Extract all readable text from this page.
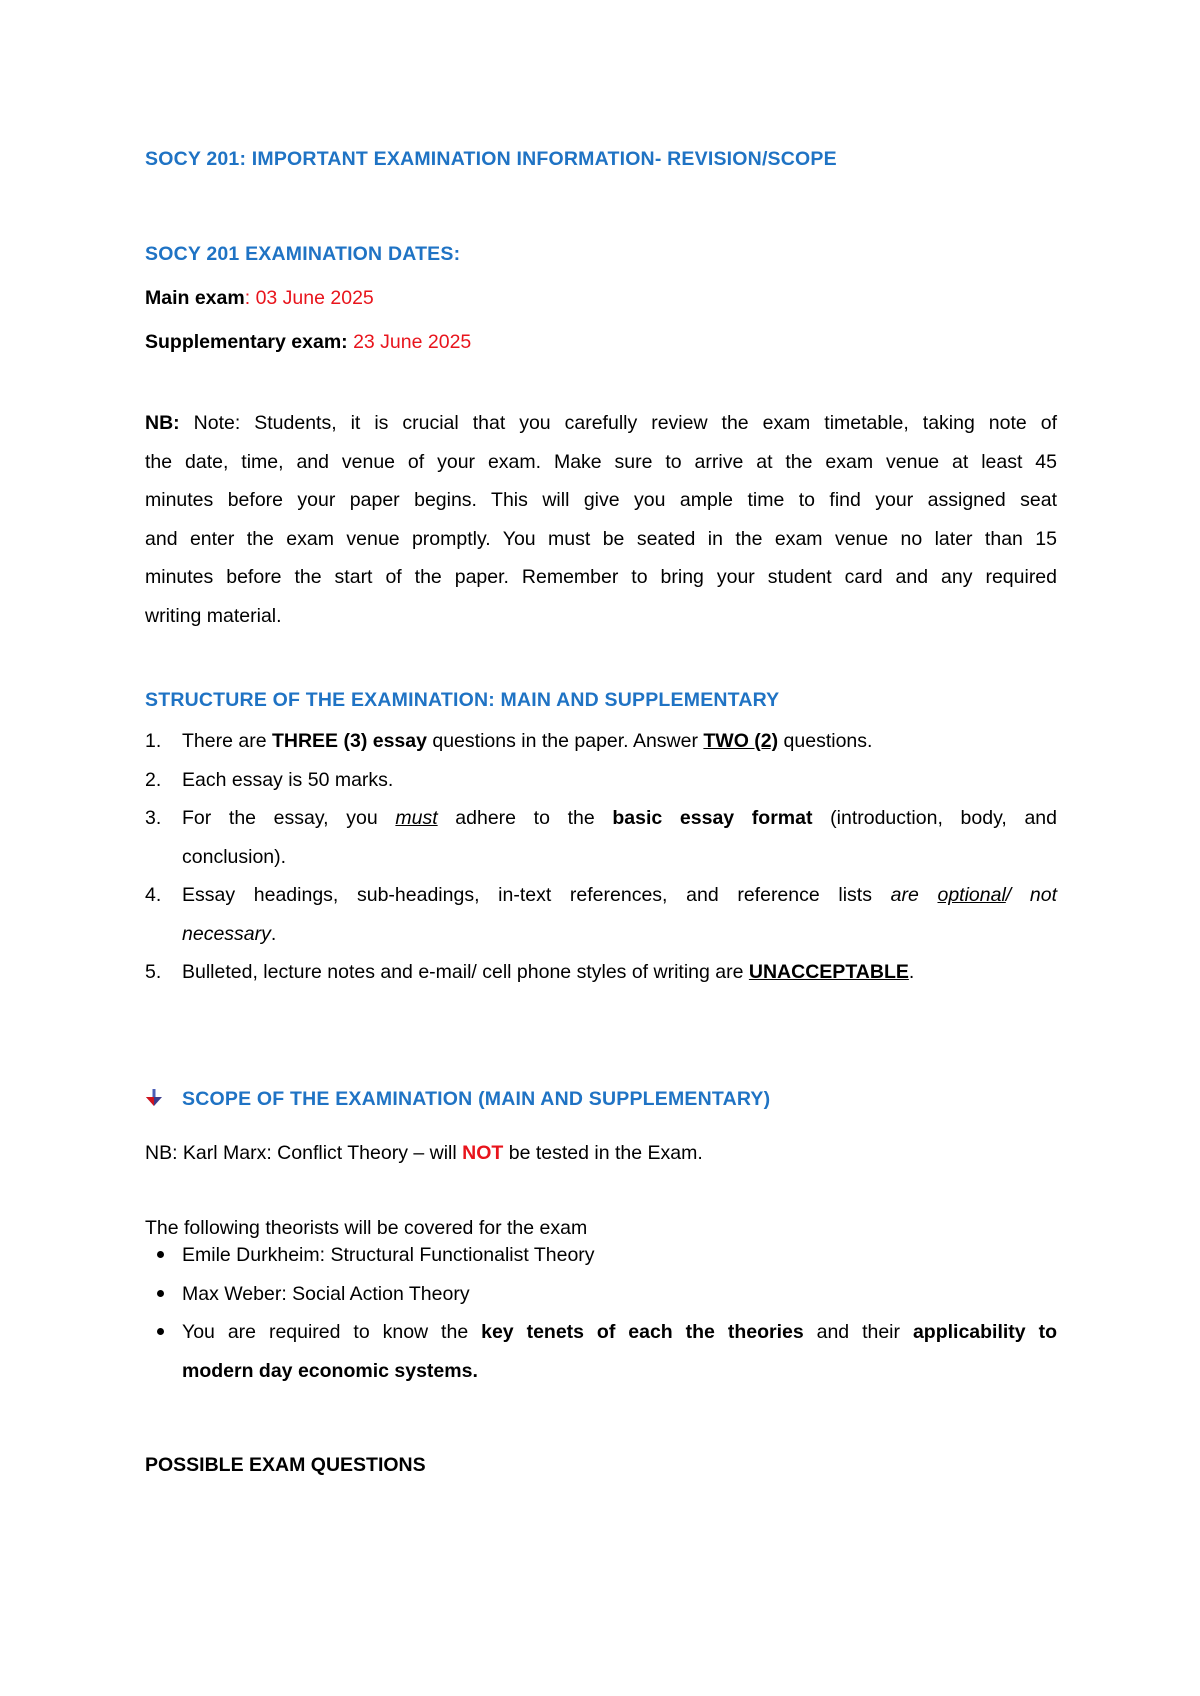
SOCY 201: IMPORTANT EXAMINATION INFORMATION- REVISION/SCOPE
SOCY 201 EXAMINATION DATES:
Main exam: 03 June 2025
Supplementary exam: 23 June 2025
NB: Note: Students, it is crucial that you carefully review the exam timetable, taking note of
the date, time, and venue of your exam. Make sure to arrive at the exam venue at least 45
minutes before your paper begins. This will give you ample time to find your assigned seat
and enter the exam venue promptly. You must be seated in the exam venue no later than 15
minutes before the start of the paper. Remember to bring your student card and any required
writing material.
STRUCTURE OF THE EXAMINATION: MAIN AND SUPPLEMENTARY
1. There are THREE (3) essay questions in the paper. Answer TWO (2) questions.
2. Each essay is 50 marks.
3. For the essay, you must adhere to the basic essay format (introduction, body, and
conclusion).
4. Essay headings, sub-headings, in-text references, and reference lists are optional/ not
necessary.
5. Bulleted, lecture notes and e-mail/ cell phone styles of writing are UNACCEPTABLE.
SCOPE OF THE EXAMINATION (MAIN AND SUPPLEMENTARY)
NB: Karl Marx: Conflict Theory – will NOT be tested in the Exam.
The following theorists will be covered for the exam
Emile Durkheim: Structural Functionalist Theory
Max Weber: Social Action Theory
You are required to know the key tenets of each the theories and their applicability to
modern day economic systems.
POSSIBLE EXAM QUESTIONS
